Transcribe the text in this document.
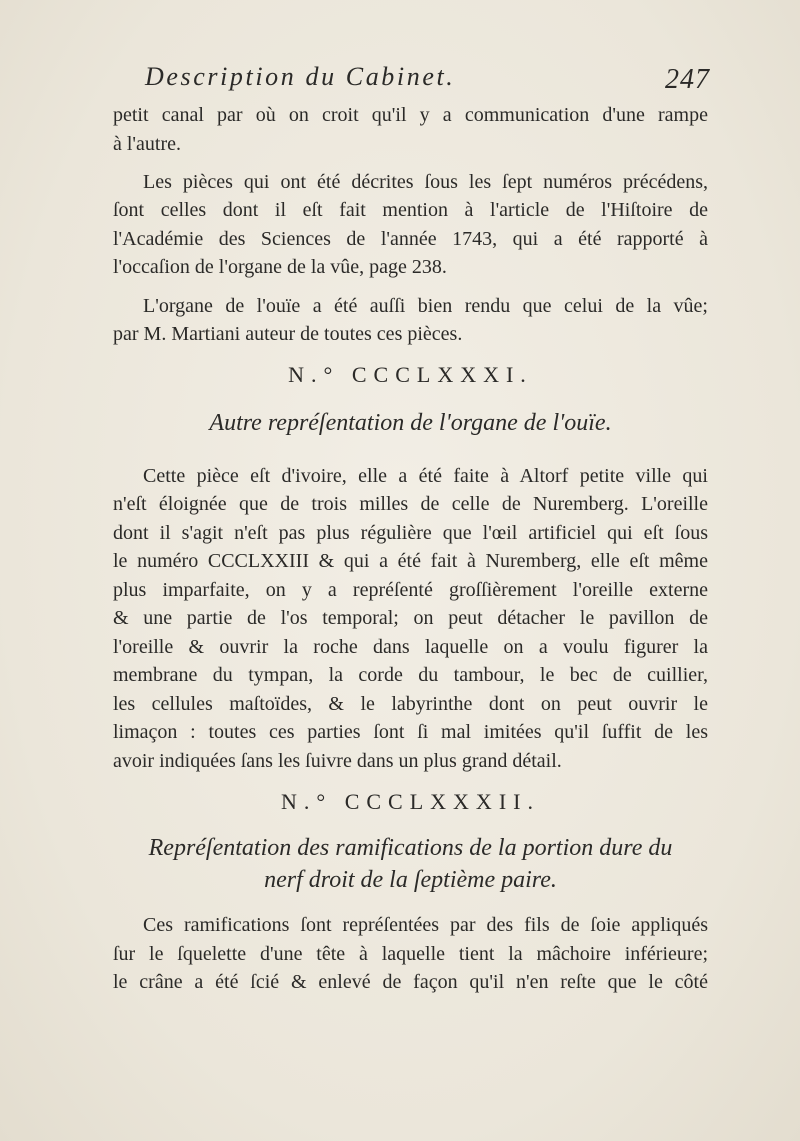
Description du Cabinet.	247
petit canal par où on croit qu'il y a communication d'une rampe
à l'autre.
Les pièces qui ont été décrites ſous les ſept numéros précédens,
ſont celles dont il eſt fait mention à l'article de l'Hiſtoire de
l'Académie des Sciences de l'année 1743, qui a été rapporté à
l'occaſion de l'organe de la vûe, page 238.
L'organe de l'ouïe a été auſſi bien rendu que celui de la vûe;
par M. Martiani auteur de toutes ces pièces.
N.° CCCLXXXI.
Autre repréſentation de l'organe de l'ouïe.
Cette pièce eſt d'ivoire, elle a été faite à Altorf petite ville qui
n'eſt éloignée que de trois milles de celle de Nuremberg. L'oreille
dont il s'agit n'eſt pas plus régulière que l'œil artificiel qui eſt ſous
le numéro CCCLXXIII & qui a été fait à Nuremberg, elle eſt même
plus imparfaite, on y a repréſenté groſſièrement l'oreille externe
& une partie de l'os temporal; on peut détacher le pavillon de
l'oreille & ouvrir la roche dans laquelle on a voulu figurer la
membrane du tympan, la corde du tambour, le bec de cuillier,
les cellules maſtoïdes, & le labyrinthe dont on peut ouvrir le
limaçon : toutes ces parties ſont ſi mal imitées qu'il ſuffit de les
avoir indiquées ſans les ſuivre dans un plus grand détail.
N.° CCCLXXXII.
Repréſentation des ramifications de la portion dure du
nerf droit de la ſeptième paire.
Ces ramifications ſont repréſentées par des fils de ſoie appliqués
ſur le ſquelette d'une tête à laquelle tient la mâchoire inférieure;
le crâne a été ſcié & enlevé de façon qu'il n'en reſte que le côté
